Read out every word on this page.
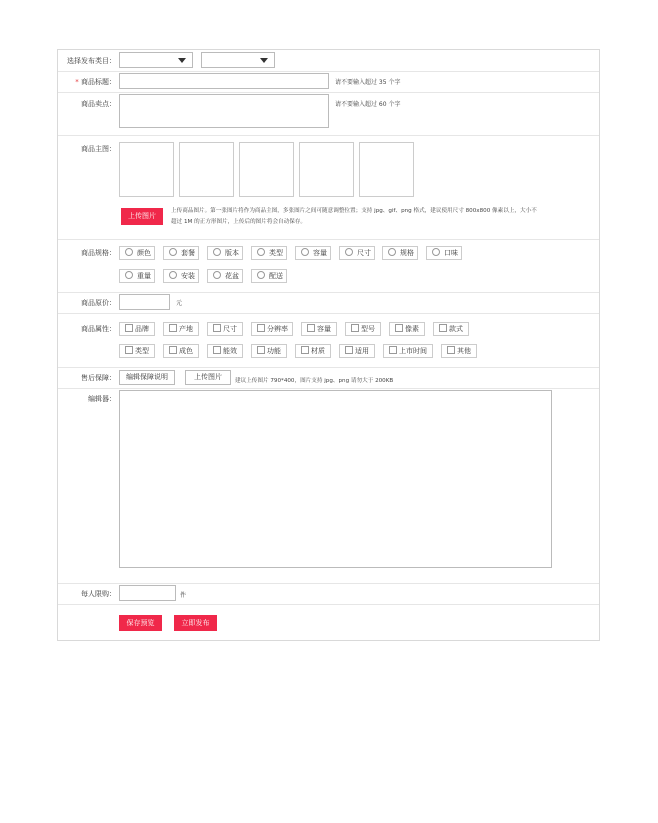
选择发布类目：
* 商品标题：	请不要输入超过 35 个字
商品卖点：	请不要输入超过 60 个字
商品主图：
上传图片
上传商品图片。第一张图片将作为商品主图，多张图片之间可随意调整位置；支持 jpg、gif、png 格式，建议使用尺寸 800x800 像素以上，大小不
超过 1M 的正方形图片，上传后的图片将会自动保存。
商品规格：	颜色	套餐	版本	类型	容量	尺寸	规格	口味
重量	安装	花盆	配送
商品原价：	元
商品属性：	品牌	产地	尺寸	分辨率	容量	型号	像素	款式
类型	成色	能效	功能	材质	适用	上市时间	其他
售后保障：	编辑保障说明	上传图片	建议上传图片 790*400，图片支持 jpg、png 请勿大于 200KB
编辑器：
每人限购：	件
保存预览	立即发布
